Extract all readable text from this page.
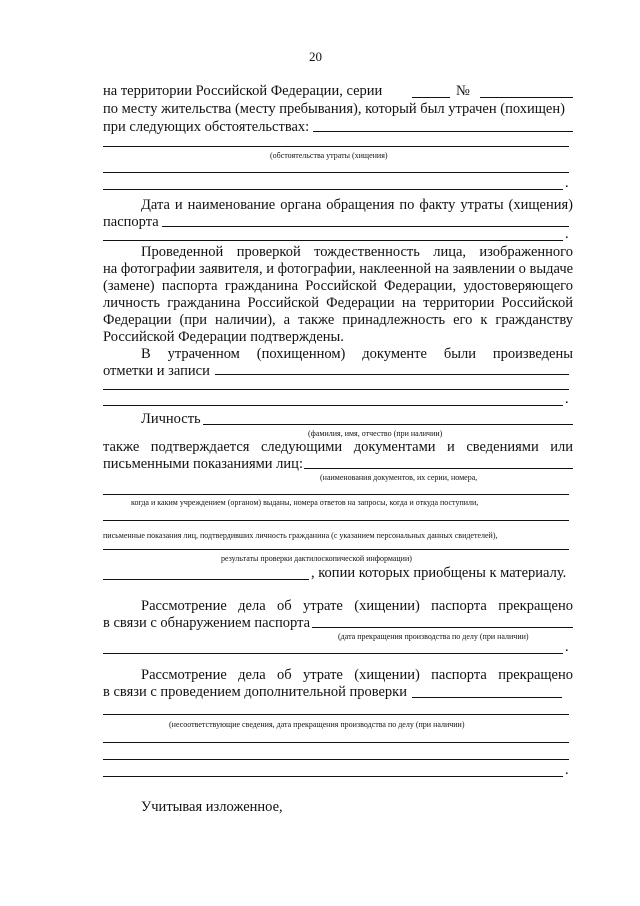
20
на территории Российской Федерации, серии	№
по месту жительства (месту пребывания), который был утрачен (похищен)
при следующих обстоятельствах:
(обстоятельства утраты (хищения)
.
Дата и наименование органа обращения по факту утраты (хищения)
паспорта
.
Проведенной проверкой тождественность лица, изображенного
на фотографии заявителя, и фотографии, наклеенной на заявлении о выдаче
(замене) паспорта гражданина Российской Федерации, удостоверяющего
личность гражданина Российской Федерации на территории Российской
Федерации (при наличии), а также принадлежность его к гражданству
Российской Федерации подтверждены.
В утраченном (похищенном) документе были произведены
отметки и записи
.
Личность
(фамилия, имя, отчество (при наличии)
также подтверждается следующими документами и сведениями или
письменными показаниями лиц:
(наименования документов, их серии, номера,
когда и каким учреждением (органом) выданы, номера ответов на запросы, когда и откуда поступили,
письменные показания лиц, подтвердивших личность гражданина (с указанием персональных данных свидетелей),
результаты проверки дактилоскопической информации)
, копии которых приобщены к материалу.
Рассмотрение дела об утрате (хищении) паспорта прекращено
в связи с обнаружением паспорта
(дата прекращения производства по делу (при наличии)
.
Рассмотрение дела об утрате (хищении) паспорта прекращено
в связи с проведением дополнительной проверки
(несоответствующие сведения, дата прекращения производства по делу (при наличии)
.
Учитывая изложенное,
